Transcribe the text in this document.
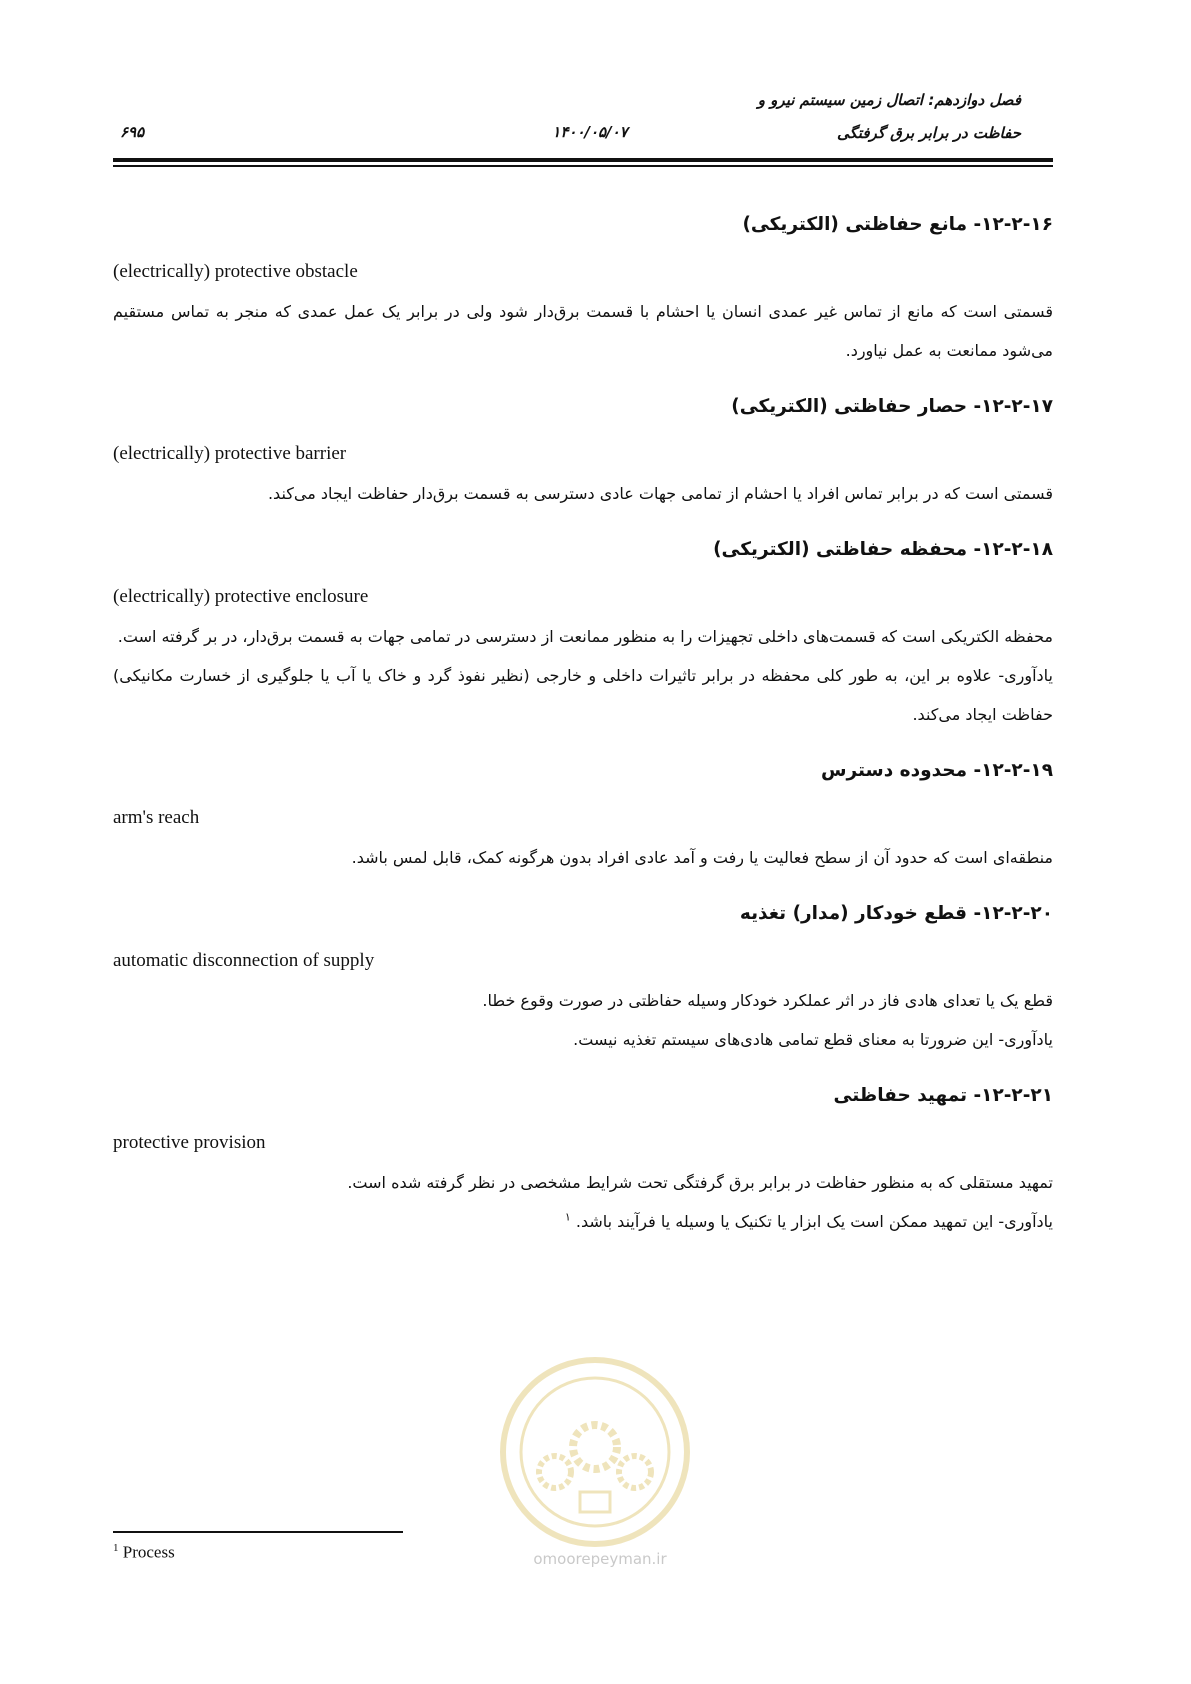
فصل دوازدهم: اتصال زمین سیستم نیرو و
حفاظت در برابر برق گرفتگی
۱۴۰۰/۰۵/۰۷
۶۹۵
۱۲-۲-۱۶- مانع حفاظتی (الکتریکی)

(electrically) protective obstacle

قسمتی است که مانع از تماس غیر عمدی انسان یا احشام با قسمت برق‌دار شود ولی در برابر یک عمل عمدی که منجر به تماس مستقیم می‌شود ممانعت به عمل نیاورد.

۱۲-۲-۱۷- حصار حفاظتی (الکتریکی)

(electrically) protective barrier

قسمتی است که در برابر تماس افراد یا احشام از تمامی جهات عادی دسترسی به قسمت برق‌دار حفاظت ایجاد می‌کند.

۱۲-۲-۱۸- محفظه حفاظتی (الکتریکی)

(electrically) protective enclosure

محفظه الکتریکی است که قسمت‌های داخلی تجهیزات را به منظور ممانعت از دسترسی در تمامی جهات به قسمت برق‌دار، در بر گرفته است.

یادآوری- علاوه بر این، به طور کلی محفظه در برابر تاثیرات داخلی و خارجی (نظیر نفوذ گرد و خاک یا آب یا جلوگیری از خسارت مکانیکی) حفاظت ایجاد می‌کند.

۱۲-۲-۱۹- محدوده دسترس

arm's reach

منطقه‌ای است که حدود آن از سطح فعالیت یا رفت و آمد عادی افراد بدون هرگونه کمک، قابل لمس باشد.

۱۲-۲-۲۰- قطع خودکار (مدار) تغذیه

automatic disconnection of supply

قطع یک یا تعدای هادی فاز در اثر عملکرد خودکار وسیله حفاظتی در صورت وقوع خطا.

یادآوری- این ضرورتا به معنای قطع تمامی هادی‌های سیستم تغذیه نیست.

۱۲-۲-۲۱- تمهید حفاظتی

protective provision

تمهید مستقلی که به منظور حفاظت در برابر برق گرفتگی تحت شرایط مشخصی در نظر گرفته شده است.

یادآوری- این تمهید ممکن است یک ابزار یا تکنیک یا وسیله یا فرآیند باشد. $^۱$

omoorepeyman.ir
$^1$ Process
